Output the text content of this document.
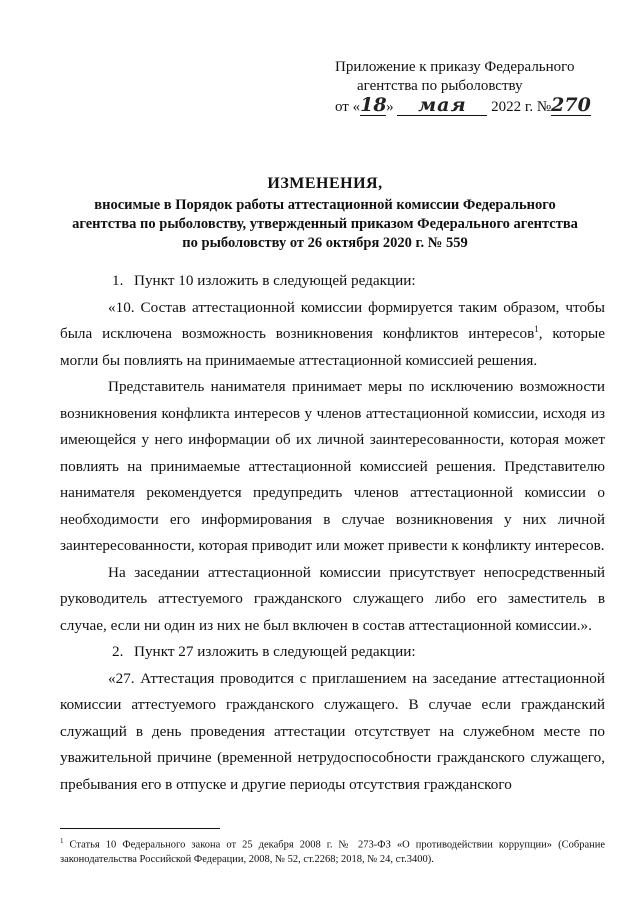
Приложение к приказу Федерального
агентства по рыболовству
от «18» мая 2022 г. №270
ИЗМЕНЕНИЯ,
вносимые в Порядок работы аттестационной комиссии Федерального
агентства по рыболовству, утвержденный приказом Федерального агентства
по рыболовству от 26 октября 2020 г. № 559

1. Пункт 10 изложить в следующей редакции:

«10. Состав аттестационной комиссии формируется таким образом, чтобы была исключена возможность возникновения конфликтов интересов$^1$, которые могли бы повлиять на принимаемые аттестационной комиссией решения.

Представитель нанимателя принимает меры по исключению возможности возникновения конфликта интересов у членов аттестационной комиссии, исходя из имеющейся у него информации об их личной заинтересованности, которая может повлиять на принимаемые аттестационной комиссией решения. Представителю нанимателя рекомендуется предупредить членов аттестационной комиссии о необходимости его информирования в случае возникновения у них личной заинтересованности, которая приводит или может привести к конфликту интересов.

На заседании аттестационной комиссии присутствует непосредственный руководитель аттестуемого гражданского служащего либо его заместитель в случае, если ни один из них не был включен в состав аттестационной комиссии.».

2. Пункт 27 изложить в следующей редакции:

«27. Аттестация проводится с приглашением на заседание аттестационной комиссии аттестуемого гражданского служащего. В случае если гражданский служащий в день проведения аттестации отсутствует на служебном месте по уважительной причине (временной нетрудоспособности гражданского служащего, пребывания его в отпуске и другие периоды отсутствия гражданского

$^1$ Статья 10 Федерального закона от 25 декабря 2008 г. № 273-ФЗ «О противодействии коррупции» (Собрание законодательства Российской Федерации, 2008, № 52, ст.2268; 2018, № 24, ст.3400).
